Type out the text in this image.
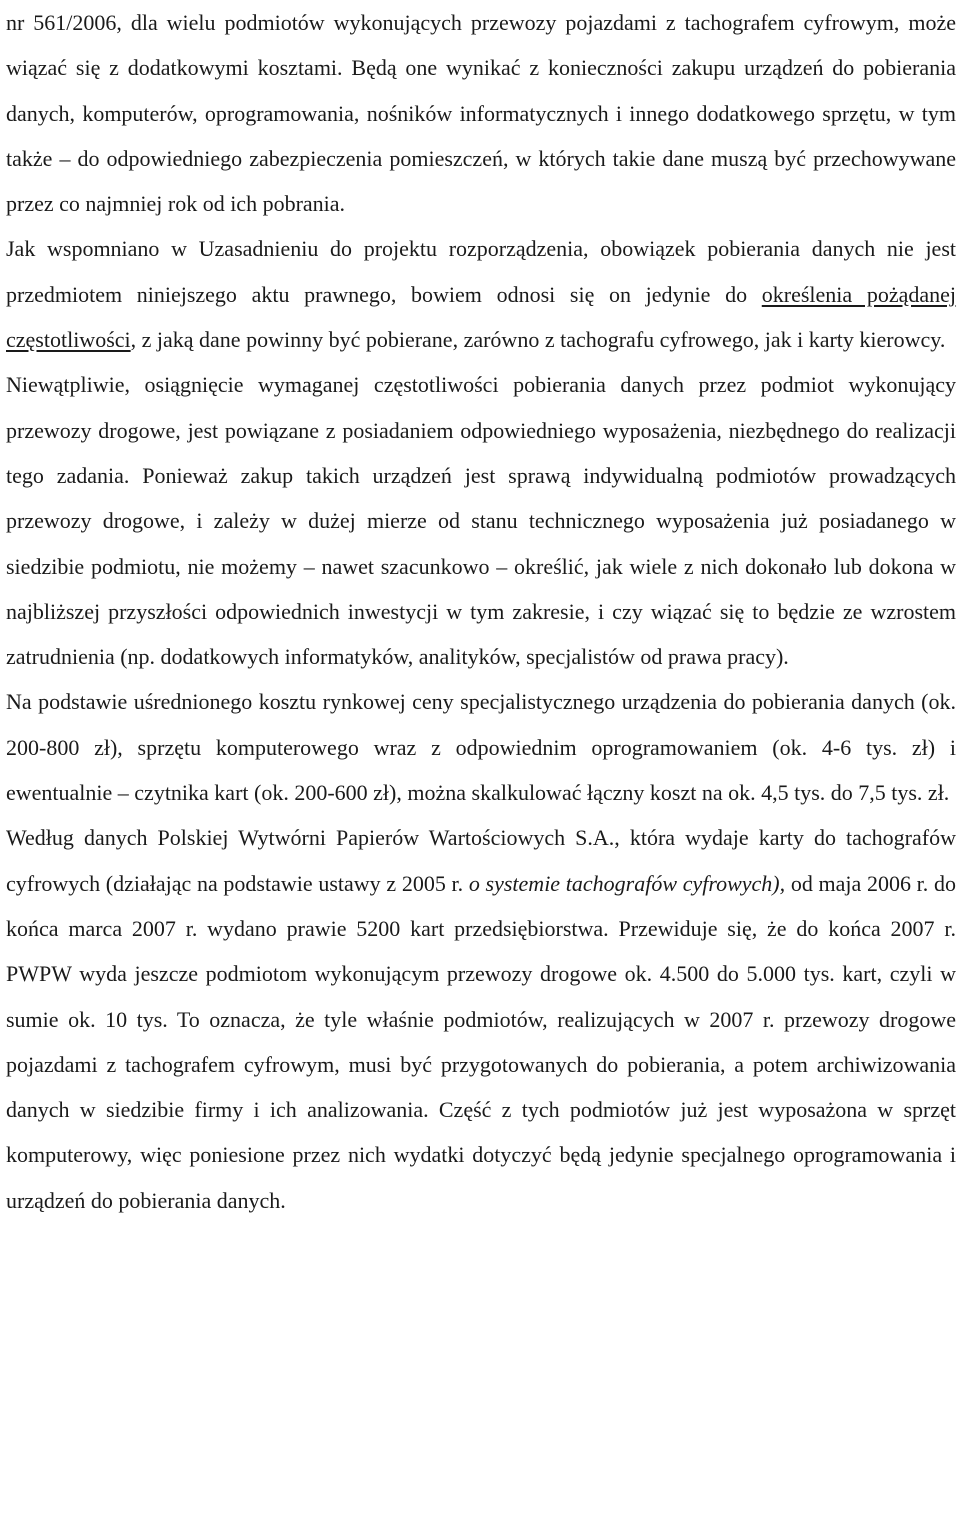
nr 561/2006, dla wielu podmiotów wykonujących przewozy pojazdami z tachografem cyfrowym, może wiązać się z dodatkowymi kosztami. Będą one wynikać z konieczności zakupu urządzeń do pobierania danych, komputerów, oprogramowania, nośników informatycznych i innego dodatkowego sprzętu, w tym także – do odpowiedniego zabezpieczenia pomieszczeń, w których takie dane muszą być przechowywane przez co najmniej rok od ich pobrania.

Jak wspomniano w Uzasadnieniu do projektu rozporządzenia, obowiązek pobierania danych nie jest przedmiotem niniejszego aktu prawnego, bowiem odnosi się on jedynie do określenia pożądanej częstotliwości, z jaką dane powinny być pobierane, zarówno z tachografu cyfrowego, jak i karty kierowcy.

Niewątpliwie, osiągnięcie wymaganej częstotliwości pobierania danych przez podmiot wykonujący przewozy drogowe, jest powiązane z posiadaniem odpowiedniego wyposażenia, niezbędnego do realizacji tego zadania. Ponieważ zakup takich urządzeń jest sprawą indywidualną podmiotów prowadzących przewozy drogowe, i zależy w dużej mierze od stanu technicznego wyposażenia już posiadanego w siedzibie podmiotu, nie możemy – nawet szacunkowo – określić, jak wiele z nich dokonało lub dokona w najbliższej przyszłości odpowiednich inwestycji w tym zakresie, i czy wiązać się to będzie ze wzrostem zatrudnienia (np. dodatkowych informatyków, analityków, specjalistów od prawa pracy).

Na podstawie uśrednionego kosztu rynkowej ceny specjalistycznego urządzenia do pobierania danych (ok. 200-800 zł), sprzętu komputerowego wraz z odpowiednim oprogramowaniem (ok. 4-6 tys. zł) i ewentualnie – czytnika kart (ok. 200-600 zł), można skalkulować łączny koszt na ok. 4,5 tys. do 7,5 tys. zł.

Według danych Polskiej Wytwórni Papierów Wartościowych S.A., która wydaje karty do tachografów cyfrowych (działając na podstawie ustawy z 2005 r. o systemie tachografów cyfrowych), od maja 2006 r. do końca marca 2007 r. wydano prawie 5200 kart przedsiębiorstwa. Przewiduje się, że do końca 2007 r. PWPW wyda jeszcze podmiotom wykonującym przewozy drogowe ok. 4.500 do 5.000 tys. kart, czyli w sumie ok. 10 tys. To oznacza, że tyle właśnie podmiotów, realizujących w 2007 r. przewozy drogowe pojazdami z tachografem cyfrowym, musi być przygotowanych do pobierania, a potem archiwizowania danych w siedzibie firmy i ich analizowania. Część z tych podmiotów już jest wyposażona w sprzęt komputerowy, więc poniesione przez nich wydatki dotyczyć będą jedynie specjalnego oprogramowania i urządzeń do pobierania danych.
